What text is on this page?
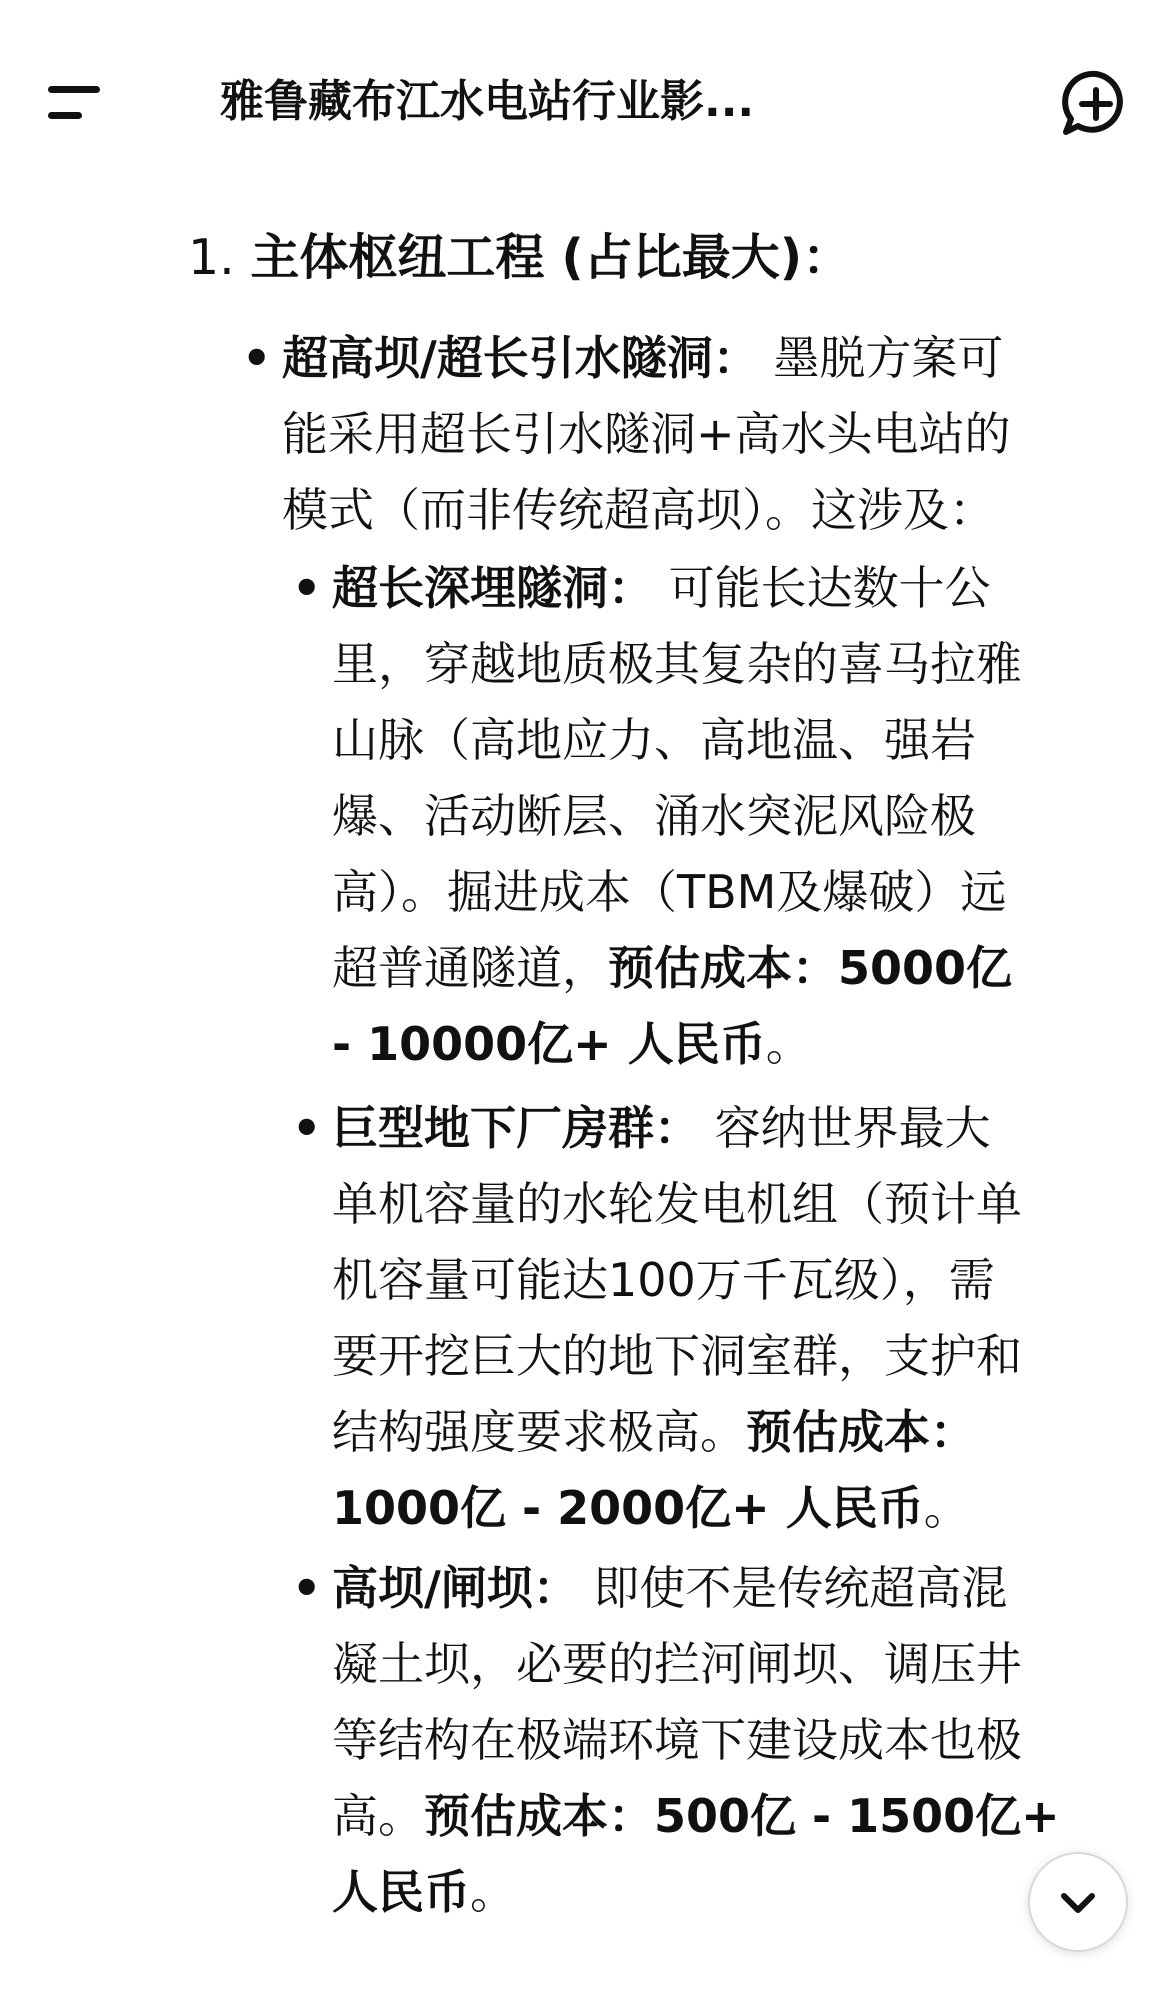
雅鲁藏布江水电站行业影...
1. 主体枢纽工程 (占比最大)：
• 超高坝/超长引水隧洞： 墨脱方案可
能采用超长引水隧洞+高水头电站的
模式（而非传统超高坝）。这涉及：
• 超长深埋隧洞： 可能长达数十公
里，穿越地质极其复杂的喜马拉雅
山脉（高地应力、高地温、强岩
爆、活动断层、涌水突泥风险极
高）。掘进成本（TBM及爆破）远
超普通隧道，预估成本：5000亿
- 10000亿+ 人民币。
• 巨型地下厂房群： 容纳世界最大
单机容量的水轮发电机组（预计单
机容量可能达100万千瓦级），需
要开挖巨大的地下洞室群，支护和
结构强度要求极高。预估成本：
1000亿 - 2000亿+ 人民币。
• 高坝/闸坝： 即使不是传统超高混
凝土坝，必要的拦河闸坝、调压井
等结构在极端环境下建设成本也极
高。预估成本：500亿 - 1500亿+
人民币。
